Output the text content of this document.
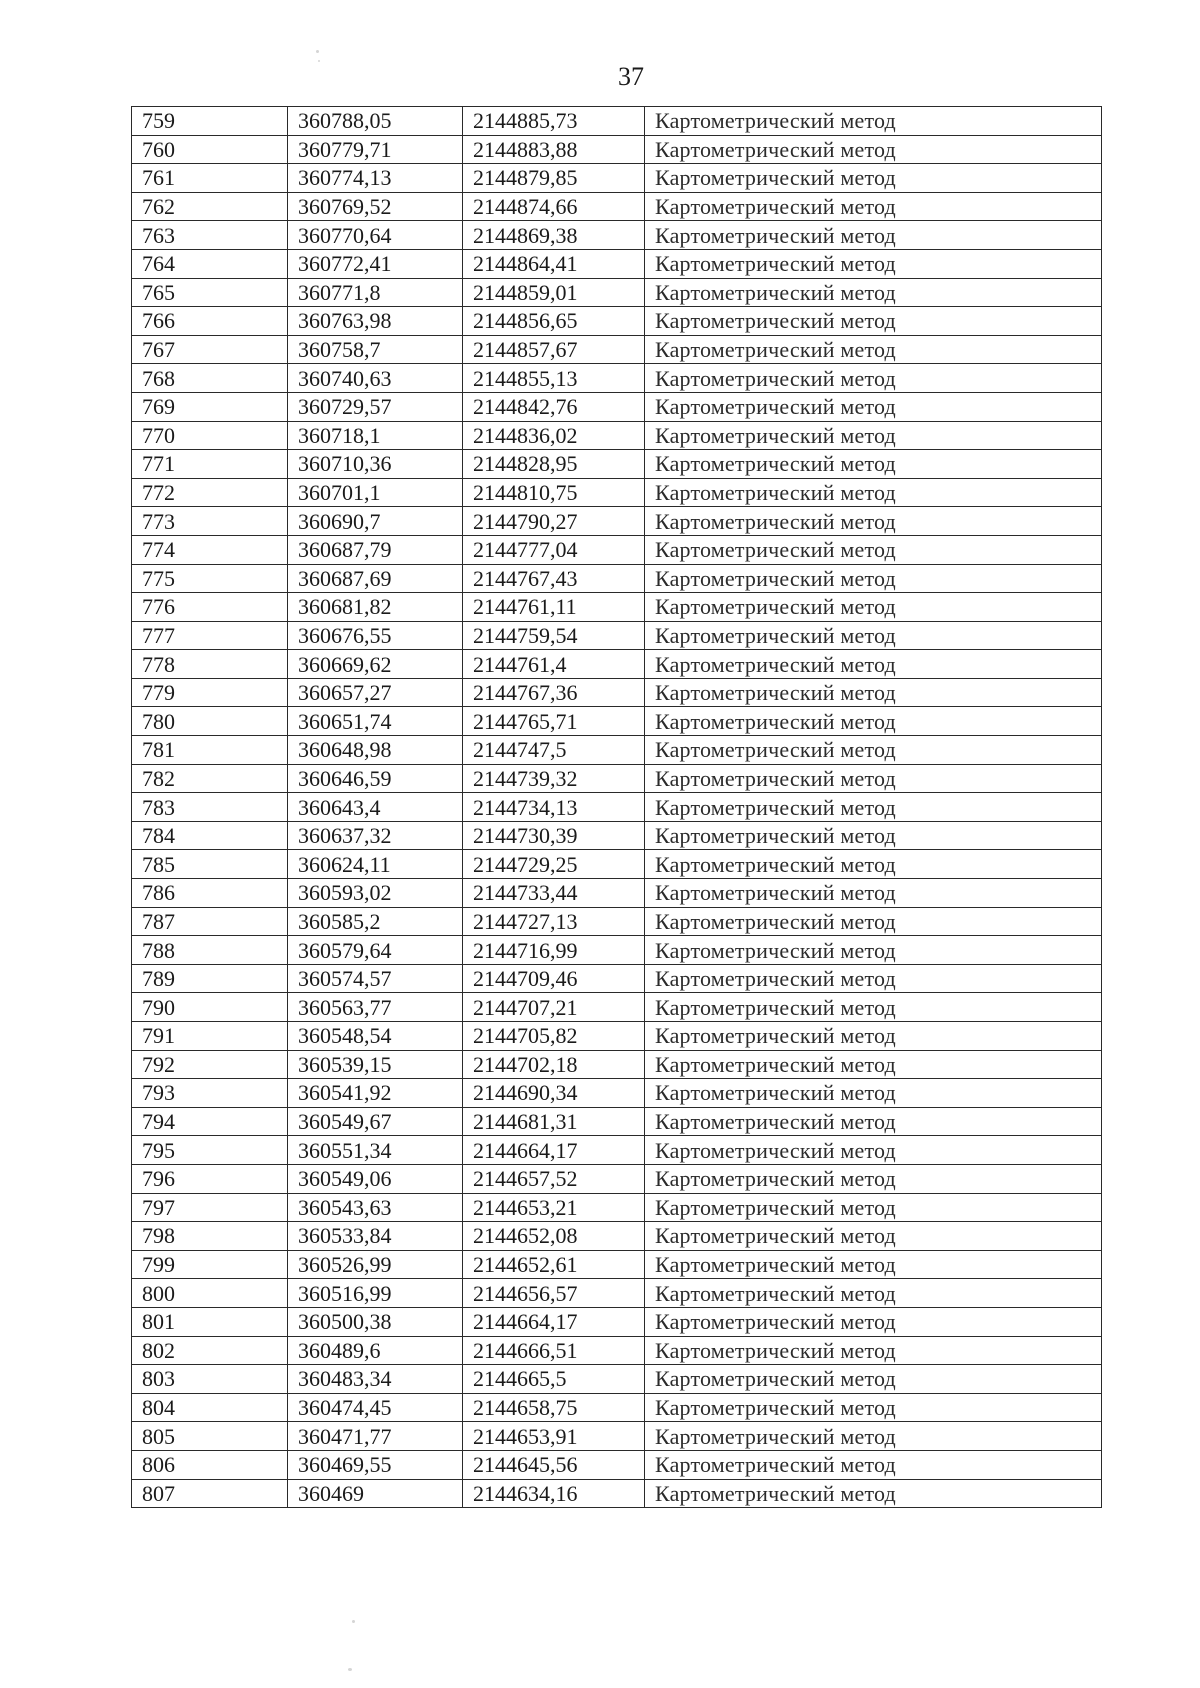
37
759	360788,05	2144885,73	Картометрический метод
760	360779,71	2144883,88	Картометрический метод
761	360774,13	2144879,85	Картометрический метод
762	360769,52	2144874,66	Картометрический метод
763	360770,64	2144869,38	Картометрический метод
764	360772,41	2144864,41	Картометрический метод
765	360771,8	2144859,01	Картометрический метод
766	360763,98	2144856,65	Картометрический метод
767	360758,7	2144857,67	Картометрический метод
768	360740,63	2144855,13	Картометрический метод
769	360729,57	2144842,76	Картометрический метод
770	360718,1	2144836,02	Картометрический метод
771	360710,36	2144828,95	Картометрический метод
772	360701,1	2144810,75	Картометрический метод
773	360690,7	2144790,27	Картометрический метод
774	360687,79	2144777,04	Картометрический метод
775	360687,69	2144767,43	Картометрический метод
776	360681,82	2144761,11	Картометрический метод
777	360676,55	2144759,54	Картометрический метод
778	360669,62	2144761,4	Картометрический метод
779	360657,27	2144767,36	Картометрический метод
780	360651,74	2144765,71	Картометрический метод
781	360648,98	2144747,5	Картометрический метод
782	360646,59	2144739,32	Картометрический метод
783	360643,4	2144734,13	Картометрический метод
784	360637,32	2144730,39	Картометрический метод
785	360624,11	2144729,25	Картометрический метод
786	360593,02	2144733,44	Картометрический метод
787	360585,2	2144727,13	Картометрический метод
788	360579,64	2144716,99	Картометрический метод
789	360574,57	2144709,46	Картометрический метод
790	360563,77	2144707,21	Картометрический метод
791	360548,54	2144705,82	Картометрический метод
792	360539,15	2144702,18	Картометрический метод
793	360541,92	2144690,34	Картометрический метод
794	360549,67	2144681,31	Картометрический метод
795	360551,34	2144664,17	Картометрический метод
796	360549,06	2144657,52	Картометрический метод
797	360543,63	2144653,21	Картометрический метод
798	360533,84	2144652,08	Картометрический метод
799	360526,99	2144652,61	Картометрический метод
800	360516,99	2144656,57	Картометрический метод
801	360500,38	2144664,17	Картометрический метод
802	360489,6	2144666,51	Картометрический метод
803	360483,34	2144665,5	Картометрический метод
804	360474,45	2144658,75	Картометрический метод
805	360471,77	2144653,91	Картометрический метод
806	360469,55	2144645,56	Картометрический метод
807	360469	2144634,16	Картометрический метод
